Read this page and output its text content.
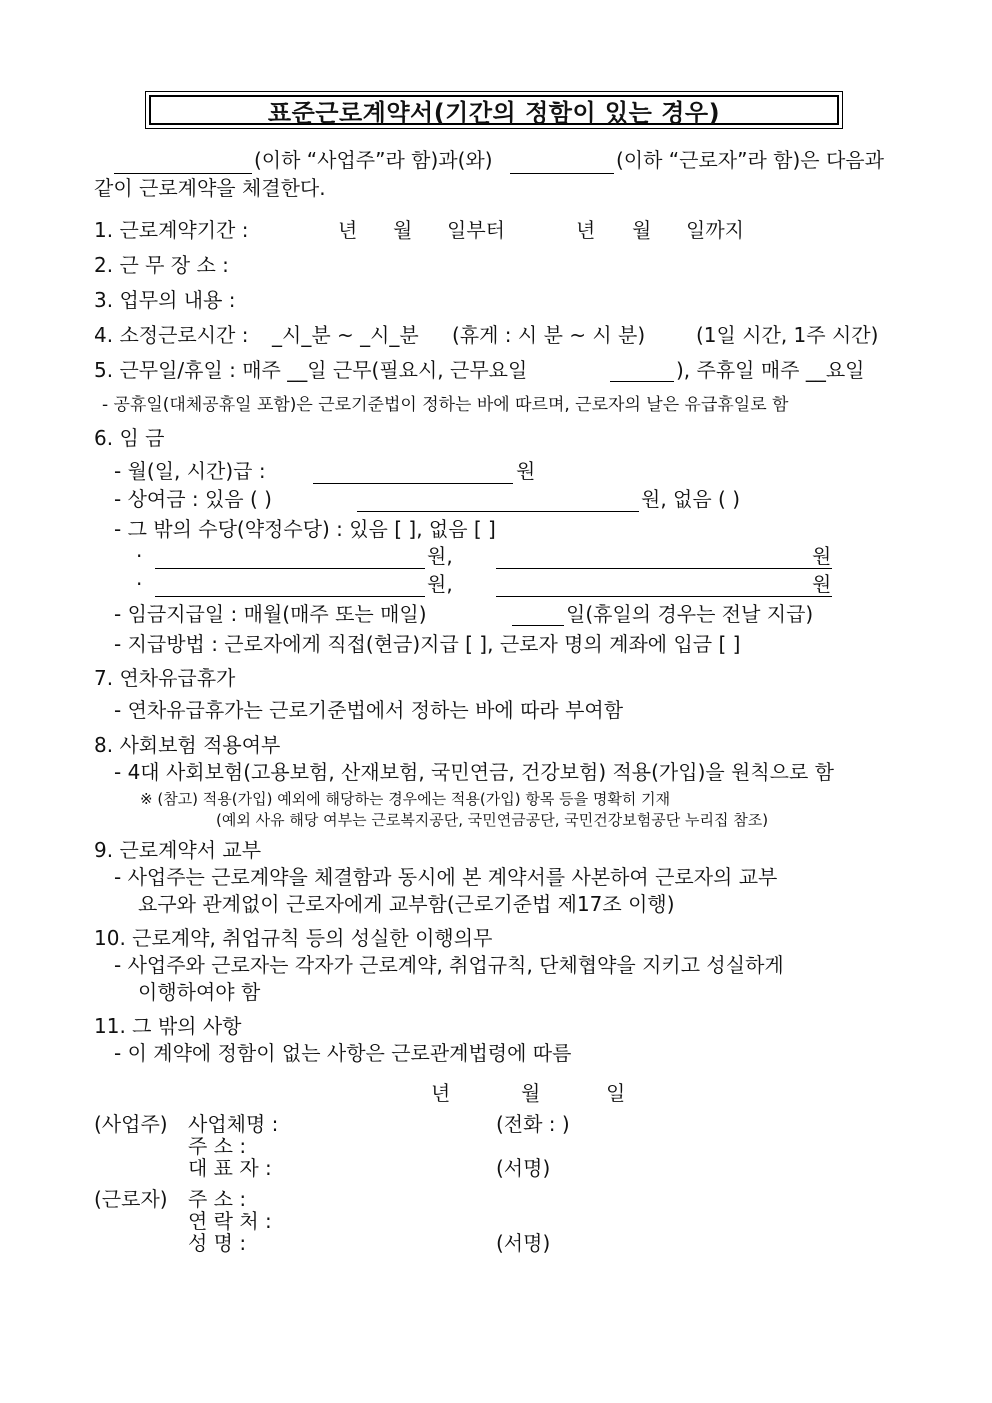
표준근로계약서(기간의 정함이 있는 경우)
(이하 “사업주”라 함)과(와)	(이하 “근로자”라 함)은 다음과
같이 근로계약을 체결한다.
1. 근로계약기간 :	년 월 일부터	년 월 일까지
2. 근 무 장 소 :
3. 업무의 내용 :
4. 소정근로시간 : _시_분 ~ _시_분 (휴게 : 시 분 ~ 시 분)	(1일 시간, 1주 시간)
5. 근무일/휴일 : 매주 __일 근무(필요시, 근무요일	), 주휴일 매주 __요일
- 공휴일(대체공휴일 포함)은 근로기준법이 정하는 바에 따르며, 근로자의 날은 유급휴일로 함
6. 임 금
- 월(일, 시간)급 :	원
- 상여금 : 있음 ( )	원, 없음 ( )
- 그 밖의 수당(약정수당) : 있음 [ ], 없음 [ ]
·	원,	원
·	원,	원
- 임금지급일 : 매월(매주 또는 매일)	일(휴일의 경우는 전날 지급)
- 지급방법 : 근로자에게 직접(현금)지급 [ ], 근로자 명의 계좌에 입금 [ ]
7. 연차유급휴가
- 연차유급휴가는 근로기준법에서 정하는 바에 따라 부여함
8. 사회보험 적용여부
- 4대 사회보험(고용보험, 산재보험, 국민연금, 건강보험) 적용(가입)을 원칙으로 함
※ (참고) 적용(가입) 예외에 해당하는 경우에는 적용(가입) 항목 등을 명확히 기재
(예외 사유 해당 여부는 근로복지공단, 국민연금공단, 국민건강보험공단 누리집 참조)
9. 근로계약서 교부
- 사업주는 근로계약을 체결함과 동시에 본 계약서를 사본하여 근로자의 교부
요구와 관계없이 근로자에게 교부함(근로기준법 제17조 이행)
10. 근로계약, 취업규칙 등의 성실한 이행의무
- 사업주와 근로자는 각자가 근로계약, 취업규칙, 단체협약을 지키고 성실하게
이행하여야 함
11. 그 밖의 사항
- 이 계약에 정함이 없는 사항은 근로관계법령에 따름
년	월	일
(사업주) 사업체명 :	(전화 : )
주 소 :
대 표 자 :	(서명)
(근로자) 주 소 :
연 락 처 :
성 명 :	(서명)
